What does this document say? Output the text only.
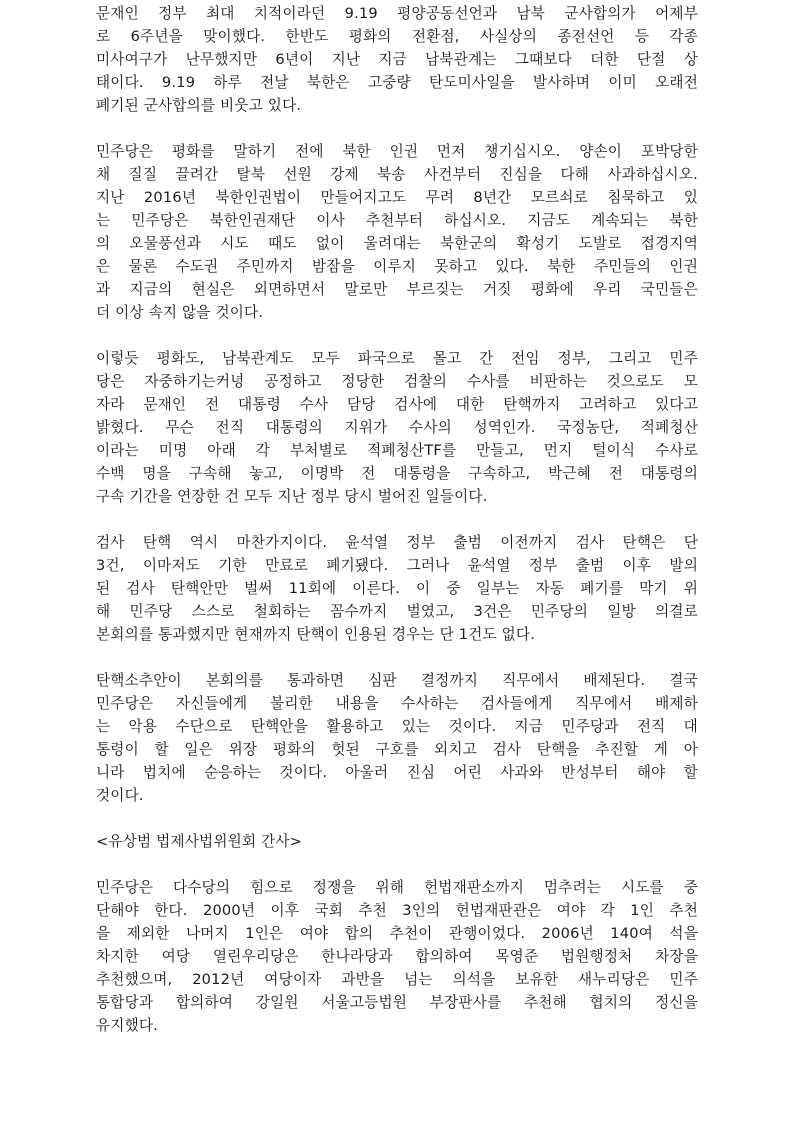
문재인 정부 최대 치적이라던 9.19 평양공동선언과 남북 군사합의가 어제부
로 6주년을 맞이했다. 한반도 평화의 전환점, 사실상의 종전선언 등 각종
미사여구가 난무했지만 6년이 지난 지금 남북관계는 그때보다 더한 단절 상
태이다. 9.19 하루 전날 북한은 고중량 탄도미사일을 발사하며 이미 오래전
폐기된 군사합의를 비웃고 있다.
민주당은 평화를 말하기 전에 북한 인권 먼저 챙기십시오. 양손이 포박당한
채 질질 끌려간 탈북 선원 강제 북송 사건부터 진심을 다해 사과하십시오.
지난 2016년 북한인권법이 만들어지고도 무려 8년간 모르쇠로 침묵하고 있
는 민주당은 북한인권재단 이사 추천부터 하십시오. 지금도 계속되는 북한
의 오물풍선과 시도 때도 없이 울려대는 북한군의 확성기 도발로 접경지역
은 물론 수도권 주민까지 밤잠을 이루지 못하고 있다. 북한 주민들의 인권
과 지금의 현실은 외면하면서 말로만 부르짖는 거짓 평화에 우리 국민들은
더 이상 속지 않을 것이다.
이렇듯 평화도, 남북관계도 모두 파국으로 몰고 간 전임 정부, 그리고 민주
당은 자중하기는커녕 공정하고 정당한 검찰의 수사를 비판하는 것으로도 모
자라 문재인 전 대통령 수사 담당 검사에 대한 탄핵까지 고려하고 있다고
밝혔다. 무슨 전직 대통령의 지위가 수사의 성역인가. 국정농단, 적폐청산
이라는 미명 아래 각 부처별로 적폐청산TF를 만들고, 먼지 털이식 수사로
수백 명을 구속해 놓고, 이명박 전 대통령을 구속하고, 박근혜 전 대통령의
구속 기간을 연장한 건 모두 지난 정부 당시 벌어진 일들이다.
검사 탄핵 역시 마찬가지이다. 윤석열 정부 출범 이전까지 검사 탄핵은 단
3건, 이마저도 기한 만료로 폐기됐다. 그러나 윤석열 정부 출범 이후 발의
된 검사 탄핵안만 벌써 11회에 이른다. 이 중 일부는 자동 폐기를 막기 위
해 민주당 스스로 철회하는 꼼수까지 벌였고, 3건은 민주당의 일방 의결로
본회의를 통과했지만 현재까지 탄핵이 인용된 경우는 단 1건도 없다.
탄핵소추안이 본회의를 통과하면 심판 결정까지 직무에서 배제된다. 결국
민주당은 자신들에게 불리한 내용을 수사하는 검사들에게 직무에서 배제하
는 악용 수단으로 탄핵안을 활용하고 있는 것이다. 지금 민주당과 전직 대
통령이 할 일은 위장 평화의 헛된 구호를 외치고 검사 탄핵을 추진할 게 아
니라 법치에 순응하는 것이다. 아울러 진심 어린 사과와 반성부터 해야 할
것이다.
<유상범 법제사법위원회 간사>
민주당은 다수당의 힘으로 정쟁을 위해 헌법재판소까지 멈추려는 시도를 중
단해야 한다. 2000년 이후 국회 추천 3인의 헌법재판관은 여야 각 1인 추천
을 제외한 나머지 1인은 여야 합의 추천이 관행이었다. 2006년 140여 석을
차지한 여당 열린우리당은 한나라당과 합의하여 목영준 법원행정처 차장을
추천했으며, 2012년 여당이자 과반을 넘는 의석을 보유한 새누리당은 민주
통합당과 합의하여 강일원 서울고등법원 부장판사를 추천해 협치의 정신을
유지했다.
